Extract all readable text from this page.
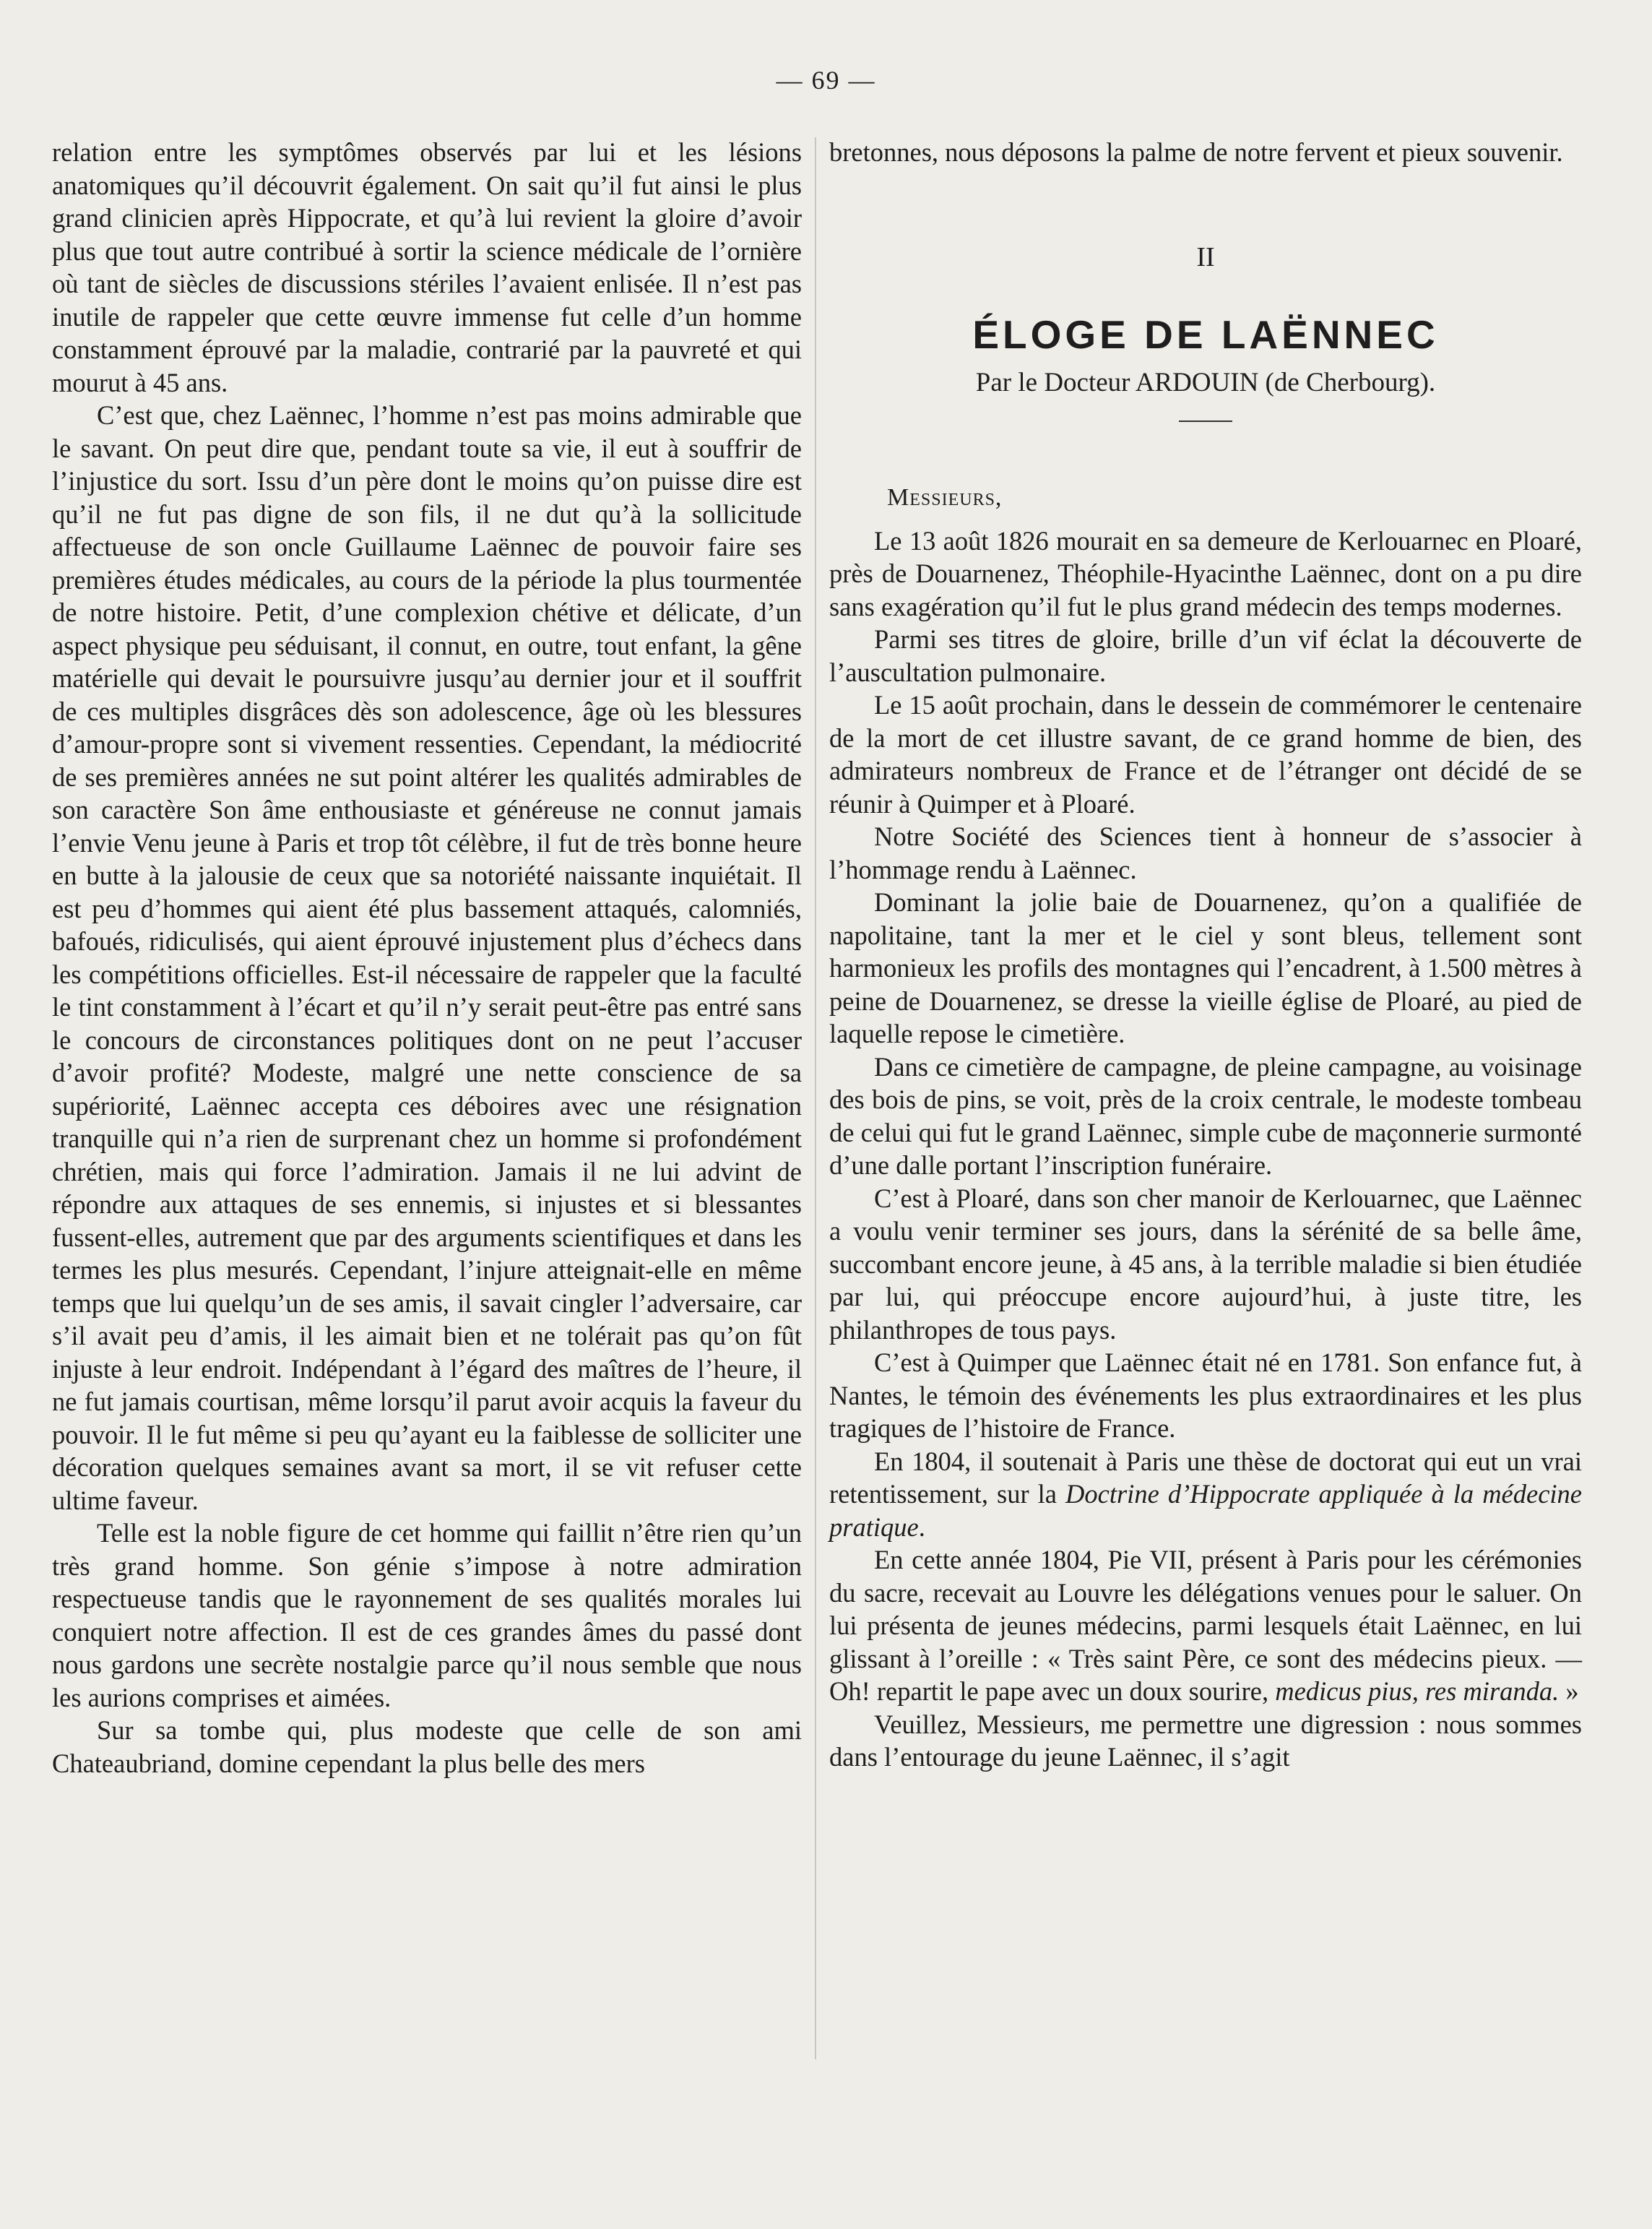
— 69 —

relation entre les symptômes observés par lui et les lésions anatomiques qu’il découvrit également. On sait qu’il fut ainsi le plus grand clinicien après Hippocrate, et qu’à lui revient la gloire d’avoir plus que tout autre contribué à sortir la science médicale de l’ornière où tant de siècles de discussions stériles l’avaient enlisée. Il n’est pas inutile de rappeler que cette œuvre immense fut celle d’un homme constamment éprouvé par la maladie, contrarié par la pauvreté et qui mourut à 45 ans.

C’est que, chez Laënnec, l’homme n’est pas moins admirable que le savant. On peut dire que, pendant toute sa vie, il eut à souffrir de l’injustice du sort. Issu d’un père dont le moins qu’on puisse dire est qu’il ne fut pas digne de son fils, il ne dut qu’à la sollicitude affectueuse de son oncle Guillaume Laënnec de pouvoir faire ses premières études médicales, au cours de la période la plus tourmentée de notre histoire. Petit, d’une complexion chétive et délicate, d’un aspect physique peu séduisant, il connut, en outre, tout enfant, la gêne matérielle qui devait le poursuivre jusqu’au dernier jour et il souffrit de ces multiples disgrâces dès son adolescence, âge où les blessures d’amour-propre sont si vivement ressenties. Cependant, la médiocrité de ses premières années ne sut point altérer les qualités admirables de son caractère Son âme enthousiaste et généreuse ne connut jamais l’envie Venu jeune à Paris et trop tôt célèbre, il fut de très bonne heure en butte à la jalousie de ceux que sa notoriété naissante inquiétait. Il est peu d’hommes qui aient été plus bassement attaqués, calomniés, bafoués, ridiculisés, qui aient éprouvé injustement plus d’échecs dans les compétitions officielles. Est-il nécessaire de rappeler que la faculté le tint constamment à l’écart et qu’il n’y serait peut-être pas entré sans le concours de circonstances politiques dont on ne peut l’accuser d’avoir profité? Modeste, malgré une nette conscience de sa supériorité, Laënnec accepta ces déboires avec une résignation tranquille qui n’a rien de surprenant chez un homme si profondément chrétien, mais qui force l’admiration. Jamais il ne lui advint de répondre aux attaques de ses ennemis, si injustes et si blessantes fussent-elles, autrement que par des arguments scientifiques et dans les termes les plus mesurés. Cependant, l’injure atteignait-elle en même temps que lui quelqu’un de ses amis, il savait cingler l’adversaire, car s’il avait peu d’amis, il les aimait bien et ne tolérait pas qu’on fût injuste à leur endroit. Indépendant à l’égard des maîtres de l’heure, il ne fut jamais courtisan, même lorsqu’il parut avoir acquis la faveur du pouvoir. Il le fut même si peu qu’ayant eu la faiblesse de solliciter une décoration quelques semaines avant sa mort, il se vit refuser cette ultime faveur.

Telle est la noble figure de cet homme qui faillit n’être rien qu’un très grand homme. Son génie s’impose à notre admiration respectueuse tandis que le rayonnement de ses qualités morales lui conquiert notre affection. Il est de ces grandes âmes du passé dont nous gardons une secrète nostalgie parce qu’il nous semble que nous les aurions comprises et aimées.

Sur sa tombe qui, plus modeste que celle de son ami Chateaubriand, domine cependant la plus belle des mers

bretonnes, nous déposons la palme de notre fervent et pieux souvenir.

II
ÉLOGE DE LAËNNEC
Par le Docteur ARDOUIN (de Cherbourg).
Messieurs,

Le 13 août 1826 mourait en sa demeure de Kerlouarnec en Ploaré, près de Douarnenez, Théophile-Hyacinthe Laënnec, dont on a pu dire sans exagération qu’il fut le plus grand médecin des temps modernes.

Parmi ses titres de gloire, brille d’un vif éclat la découverte de l’auscultation pulmonaire.

Le 15 août prochain, dans le dessein de commémorer le centenaire de la mort de cet illustre savant, de ce grand homme de bien, des admirateurs nombreux de France et de l’étranger ont décidé de se réunir à Quimper et à Ploaré.

Notre Société des Sciences tient à honneur de s’associer à l’hommage rendu à Laënnec.

Dominant la jolie baie de Douarnenez, qu’on a qualifiée de napolitaine, tant la mer et le ciel y sont bleus, tellement sont harmonieux les profils des montagnes qui l’encadrent, à 1.500 mètres à peine de Douarnenez, se dresse la vieille église de Ploaré, au pied de laquelle repose le cimetière.

Dans ce cimetière de campagne, de pleine campagne, au voisinage des bois de pins, se voit, près de la croix centrale, le modeste tombeau de celui qui fut le grand Laënnec, simple cube de maçonnerie surmonté d’une dalle portant l’inscription funéraire.

C’est à Ploaré, dans son cher manoir de Kerlouarnec, que Laënnec a voulu venir terminer ses jours, dans la sérénité de sa belle âme, succombant encore jeune, à 45 ans, à la terrible maladie si bien étudiée par lui, qui préoccupe encore aujourd’hui, à juste titre, les philanthropes de tous pays.

C’est à Quimper que Laënnec était né en 1781. Son enfance fut, à Nantes, le témoin des événements les plus extraordinaires et les plus tragiques de l’histoire de France.

En 1804, il soutenait à Paris une thèse de doctorat qui eut un vrai retentissement, sur la Doctrine d’Hippocrate appliquée à la médecine pratique.

En cette année 1804, Pie VII, présent à Paris pour les cérémonies du sacre, recevait au Louvre les délégations venues pour le saluer. On lui présenta de jeunes médecins, parmi lesquels était Laënnec, en lui glissant à l’oreille : « Très saint Père, ce sont des médecins pieux. — Oh! repartit le pape avec un doux sourire, medicus pius, res miranda. »

Veuillez, Messieurs, me permettre une digression : nous sommes dans l’entourage du jeune Laënnec, il s’agit
